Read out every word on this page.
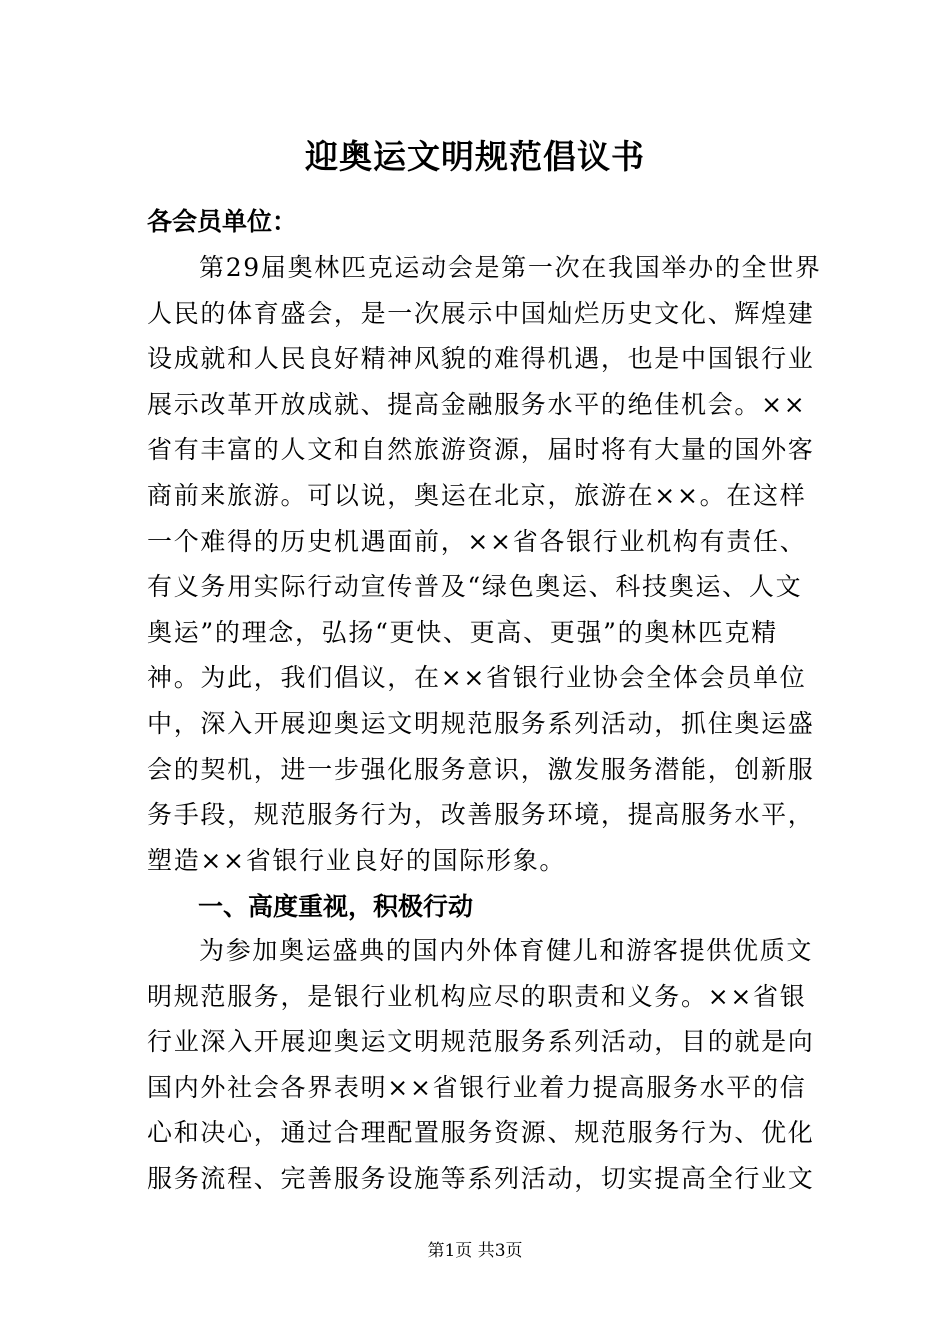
迎奥运文明规范倡议书

各会员单位：

第29届奥林匹克运动会是第一次在我国举办的全世界
人民的体育盛会，是一次展示中国灿烂历史文化、辉煌建
设成就和人民良好精神风貌的难得机遇，也是中国银行业
展示改革开放成就、提高金融服务水平的绝佳机会。××
省有丰富的人文和自然旅游资源，届时将有大量的国外客
商前来旅游。可以说，奥运在北京，旅游在××。在这样
一个难得的历史机遇面前，××省各银行业机构有责任、
有义务用实际行动宣传普及“绿色奥运、科技奥运、人文
奥运”的理念，弘扬“更快、更高、更强”的奥林匹克精
神。为此，我们倡议，在××省银行业协会全体会员单位
中，深入开展迎奥运文明规范服务系列活动，抓住奥运盛
会的契机，进一步强化服务意识，激发服务潜能，创新服
务手段，规范服务行为，改善服务环境，提高服务水平，
塑造××省银行业良好的国际形象。
一、高度重视，积极行动
为参加奥运盛典的国内外体育健儿和游客提供优质文
明规范服务，是银行业机构应尽的职责和义务。××省银
行业深入开展迎奥运文明规范服务系列活动，目的就是向
国内外社会各界表明××省银行业着力提高服务水平的信
心和决心，通过合理配置服务资源、规范服务行为、优化
服务流程、完善服务设施等系列活动，切实提高全行业文

第1页 共3页
